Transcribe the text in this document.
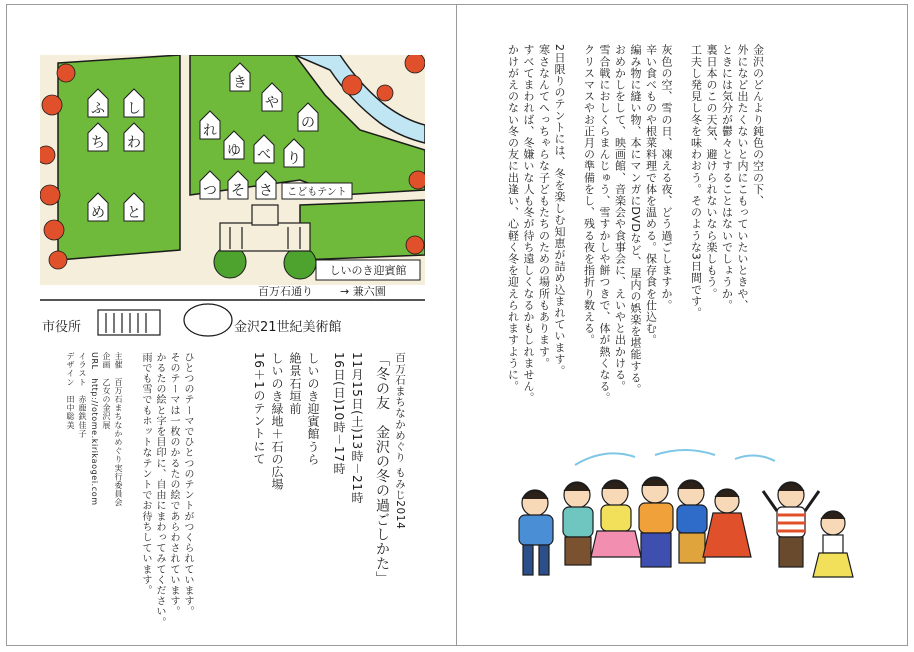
しいのき迎賓館
ふ し
ち わ
め と
き
や
の
れ
ゆ べ り
つ そ さ こどもテント
百万石通り → 兼六園
市役所	金沢21世紀美術館
百万石まちなかめぐり もみじ2014
「冬の友　金沢の冬の過ごしかた」
11月15日(土)13時－21時
16日(日)10時－17時
しいのき迎賓館うら
絶景石垣前
しいのき緑地＋石の広場
16＋1のテントにて
ひとつのテーマでひとつのテントがつくられています。
そのテーマは一枚のかるたの絵であらわされています。
かるたの絵と字を目印に、自由にまわってみてください。
雨でも雪でもホットなテントでお待ちしています。
主催　百万石まちなかめぐり実行委員会
企画　乙女の金沢展
URL　http://otome.kirikaogei.com
イラスト　赤鹿鉄佳子
デザイン　田中聡美
金沢のどんより鈍色の空の下、
外になど出たくないと内にこもっていたいときや、
ときには気分が鬱々とすることはないでしょうか。
裏日本のこの天気、避けられないなら楽しもう。
工夫し発見し冬を味わおう。そのような3日間です。
灰色の空、雪の日、凍える夜、どう過ごしますか。
辛い食べものや根菜料理で体を温める。保存食を仕込む。
編み物に縫い物、本にマンガにDVDなど、屋内の娯楽を堪能する。
おめかしをして、映画館、音楽会や食事会に、えいやと出かける。
雪合戦におしくらまんじゅう、雪すかしや餅つきで、体が熱くなる。
クリスマスやお正月の準備をし、残る夜を指折り数える。
2日限りのテントには、冬を楽しむ知恵が詰め込まれています。
寒さなんてへっちゃらな子どもたちのための場所もあります。
すべてまわれば、冬嫌いな人も冬が待ち遠しくなるかもしれません。
かけがえのない冬の友に出逢い、心軽く冬を迎えられますように。
